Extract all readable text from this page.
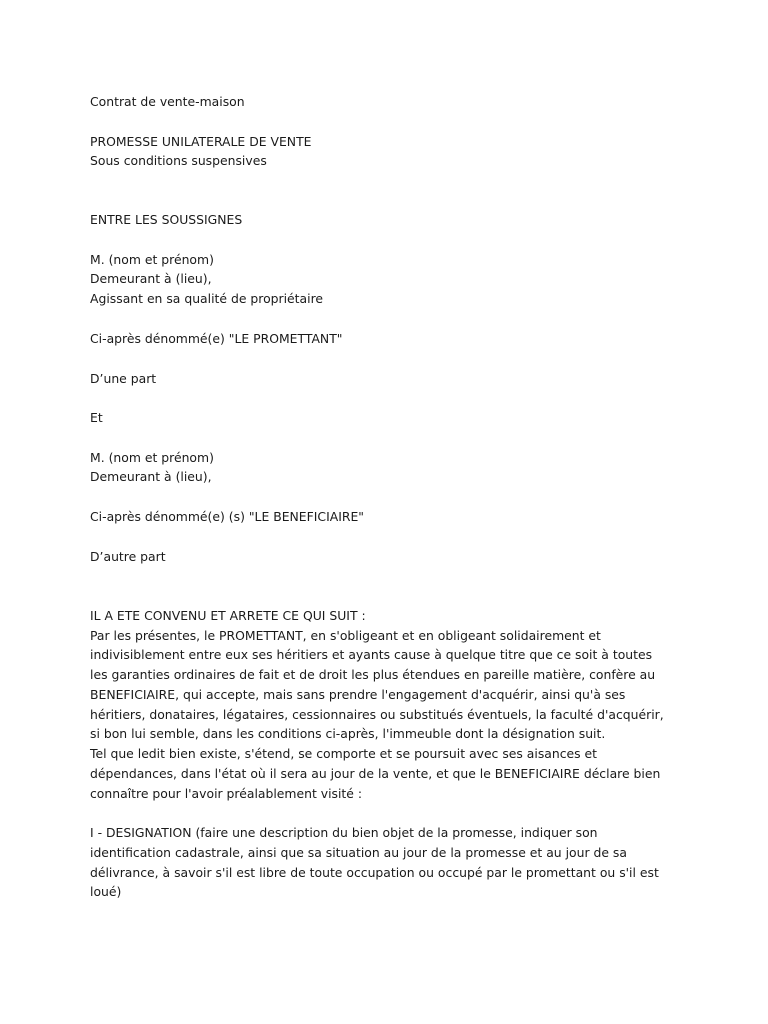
Contrat de vente-maison
PROMESSE UNILATERALE DE VENTE
Sous conditions suspensives
ENTRE LES SOUSSIGNES
M. (nom et prénom)
Demeurant à (lieu),
Agissant en sa qualité de propriétaire
Ci-après dénommé(e) "LE PROMETTANT"
D’une part
Et
M. (nom et prénom)
Demeurant à (lieu),
Ci-après dénommé(e) (s) "LE BENEFICIAIRE"
D’autre part
IL A ETE CONVENU ET ARRETE CE QUI SUIT :
Par les présentes, le PROMETTANT, en s'obligeant et en obligeant solidairement et
indivisiblement entre eux ses héritiers et ayants cause à quelque titre que ce soit à toutes
les garanties ordinaires de fait et de droit les plus étendues en pareille matière, confère au
BENEFICIAIRE, qui accepte, mais sans prendre l'engagement d'acquérir, ainsi qu'à ses
héritiers, donataires, légataires, cessionnaires ou substitués éventuels, la faculté d'acquérir,
si bon lui semble, dans les conditions ci-après, l'immeuble dont la désignation suit.
Tel que ledit bien existe, s'étend, se comporte et se poursuit avec ses aisances et
dépendances, dans l'état où il sera au jour de la vente, et que le BENEFICIAIRE déclare bien
connaître pour l'avoir préalablement visité :
I - DESIGNATION (faire une description du bien objet de la promesse, indiquer son
identification cadastrale, ainsi que sa situation au jour de la promesse et au jour de sa
délivrance, à savoir s'il est libre de toute occupation ou occupé par le promettant ou s'il est
loué)
